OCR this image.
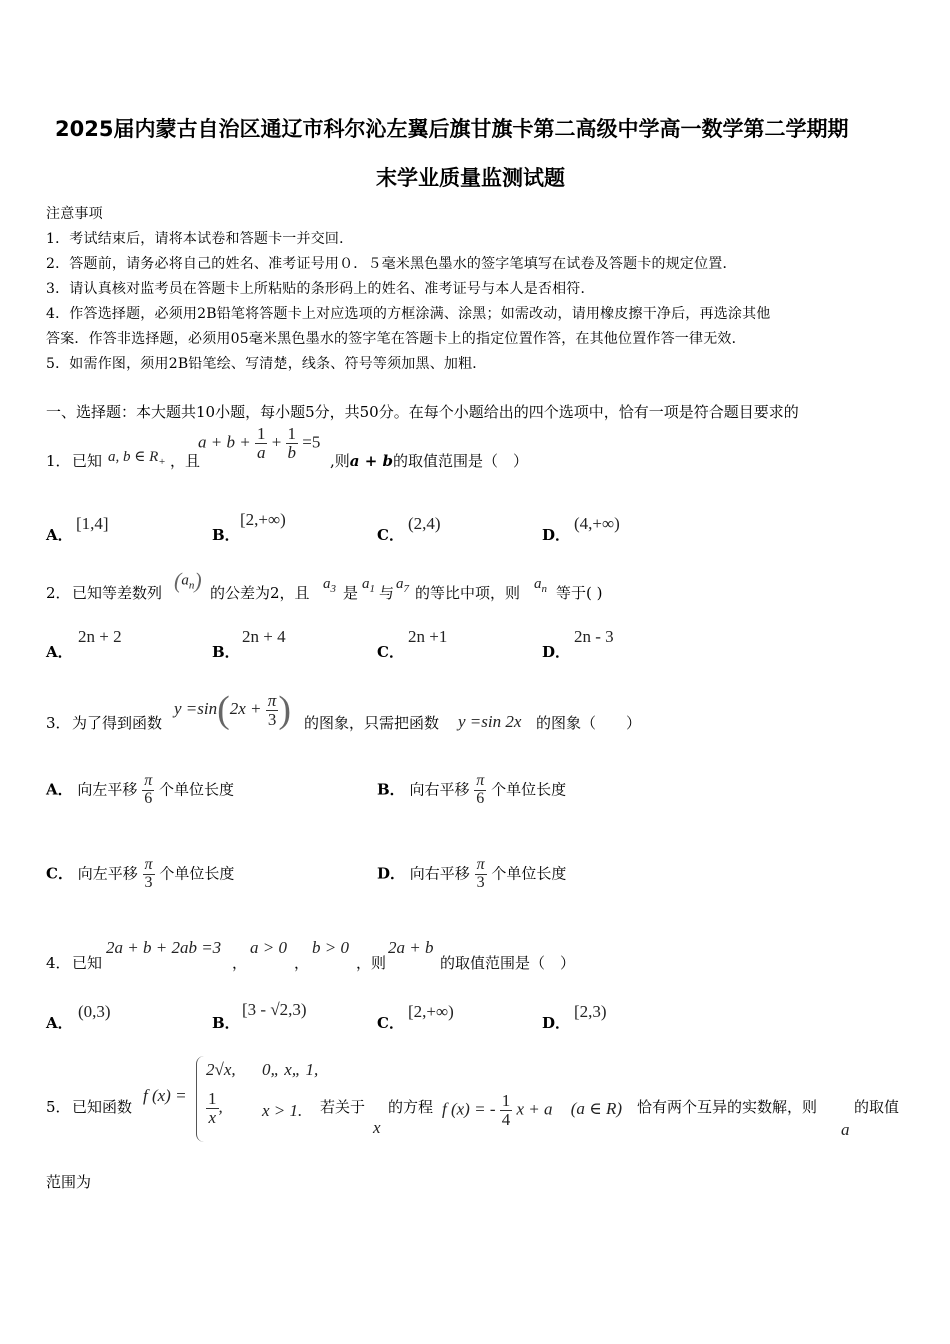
2025届内蒙古自治区通辽市科尔沁左翼后旗甘旗卡第二高级中学高一数学第二学期期
末学业质量监测试题
注意事项
1．考试结束后，请将本试卷和答题卡一并交回．
2．答题前，请务必将自己的姓名、准考证号用０．５毫米黑色墨水的签字笔填写在试卷及答题卡的规定位置．
3．请认真核对监考员在答题卡上所粘贴的条形码上的姓名、准考证号与本人是否相符．
4．作答选择题，必须用2B铅笔将答题卡上对应选项的方框涂满、涂黑；如需改动，请用橡皮擦干净后，再选涂其他
答案．作答非选择题，必须用05毫米黑色墨水的签字笔在答题卡上的指定位置作答，在其他位置作答一律无效．
5．如需作图，须用2B铅笔绘、写清楚，线条、符号等须加黑、加粗．
一、选择题：本大题共10小题，每小题5分，共50分。在每个小题给出的四个选项中，恰有一项是符合题目要求的
1． 已知 a, b ∈ $R_+$ ，且
$a + b + \frac{1}{a} + \frac{1}{b} =5$
,则a + b的取值范围是（　）
A．
[1,4]
B．
[2,+∞)
C．
(2,4)
D．
(4,+∞)
2． 已知等差数列 $(a_n)$ 的公差为2，且 $a_3$ 是 $a_1$ 与 $a_7$ 的等比中项，则 $a_n$ 等于( )
A．
2n + 2
B．
2n + 4
C．
2n +1
D．
2n - 3
3． 为了得到函数
$y =\sin(2x + \frac{\pi}{3}$ ) 的图象，只需把函数 y =sin 2x 的图象（　　）
A． 向左平移 $\frac{\pi}{6}$ 个单位长度	B． 向右平移 $\frac{\pi}{6}$ 个单位长度
C． 向左平移 $\frac{\pi}{3}$ 个单位长度	D． 向右平移 $\frac{\pi}{3}$ 个单位长度
4． 已知
2a + b + 2ab =3
，
a > 0
，
b > 0
，则
2a + b
的取值范围是（　）
A．
(0,3)
B．
[3 - √2,3)
C．
[2,+∞)
D．
[2,3)
5． 已知函数
f (x) =
2√x, 0„ x„ 1,
$\frac{1}{x}$ , x > 1. 若关于
x
的方程 f (x) = - $\frac{1}{4}$ x + a (a ∈ R) 恰有两个互异的实数解，则
a
的取值
范围为
